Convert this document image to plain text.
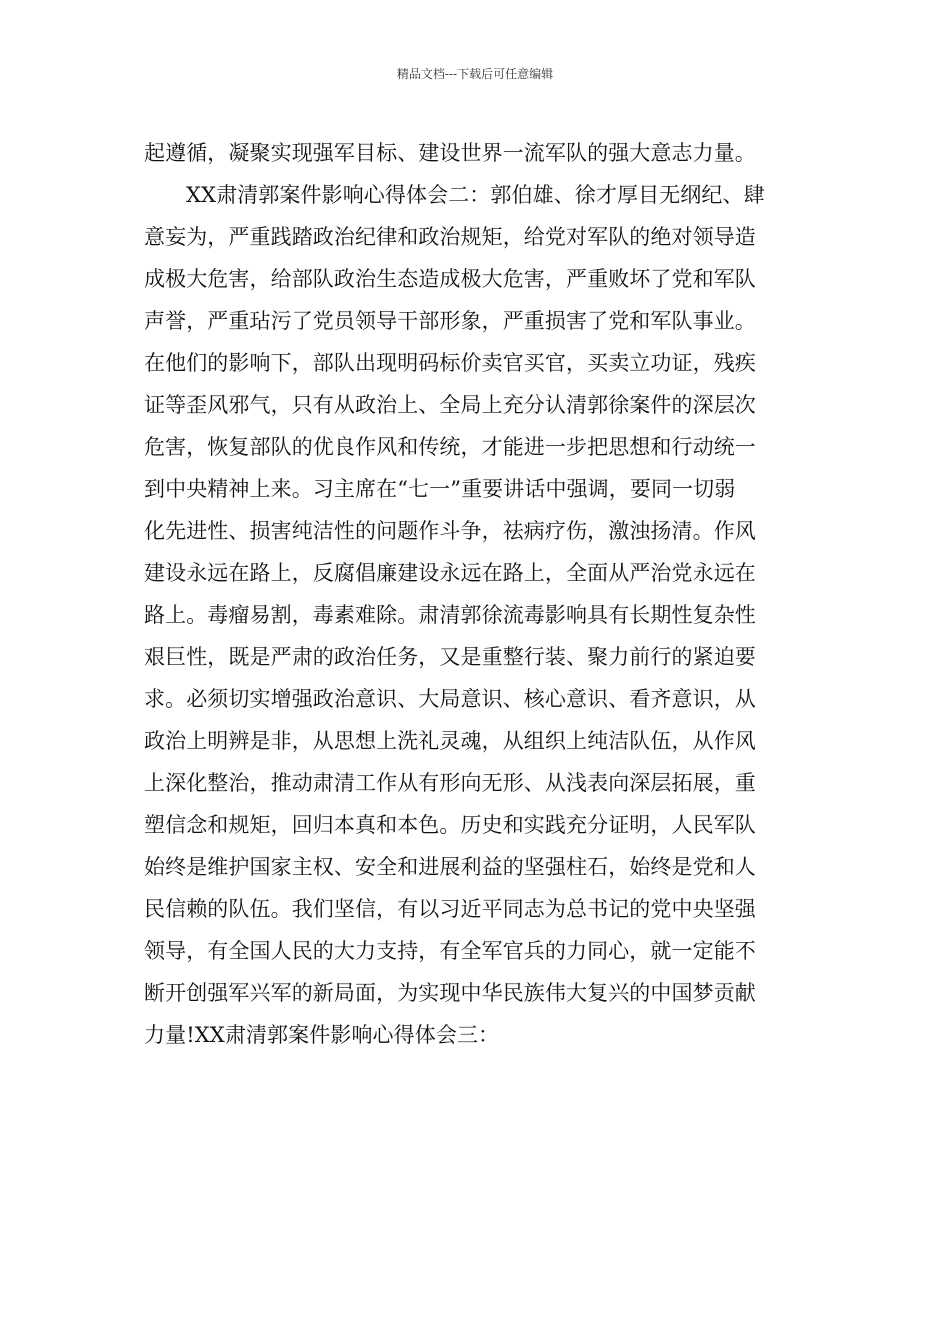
精品文档---下载后可任意编辑
起遵循，凝聚实现强军目标、建设世界一流军队的强大意志力量。
XX肃清郭案件影响心得体会二：郭伯雄、徐才厚目无纲纪、肆
意妄为，严重践踏政治纪律和政治规矩，给党对军队的绝对领导造
成极大危害，给部队政治生态造成极大危害，严重败坏了党和军队
声誉，严重玷污了党员领导干部形象，严重损害了党和军队事业。
在他们的影响下，部队出现明码标价卖官买官，买卖立功证，残疾
证等歪风邪气，只有从政治上、全局上充分认清郭徐案件的深层次
危害，恢复部队的优良作风和传统，才能进一步把思想和行动统一
到中央精神上来。习主席在“七一”重要讲话中强调，要同一切弱
化先进性、损害纯洁性的问题作斗争，祛病疗伤，激浊扬清。作风
建设永远在路上，反腐倡廉建设永远在路上，全面从严治党永远在
路上。毒瘤易割，毒素难除。肃清郭徐流毒影响具有长期性复杂性
艰巨性，既是严肃的政治任务，又是重整行装、聚力前行的紧迫要
求。必须切实增强政治意识、大局意识、核心意识、看齐意识，从
政治上明辨是非，从思想上洗礼灵魂，从组织上纯洁队伍，从作风
上深化整治，推动肃清工作从有形向无形、从浅表向深层拓展，重
塑信念和规矩，回归本真和本色。历史和实践充分证明，人民军队
始终是维护国家主权、安全和进展利益的坚强柱石，始终是党和人
民信赖的队伍。我们坚信，有以习近平同志为总书记的党中央坚强
领导，有全国人民的大力支持，有全军官兵的力同心，就一定能不
断开创强军兴军的新局面，为实现中华民族伟大复兴的中国梦贡献
力量!XX肃清郭案件影响心得体会三：
